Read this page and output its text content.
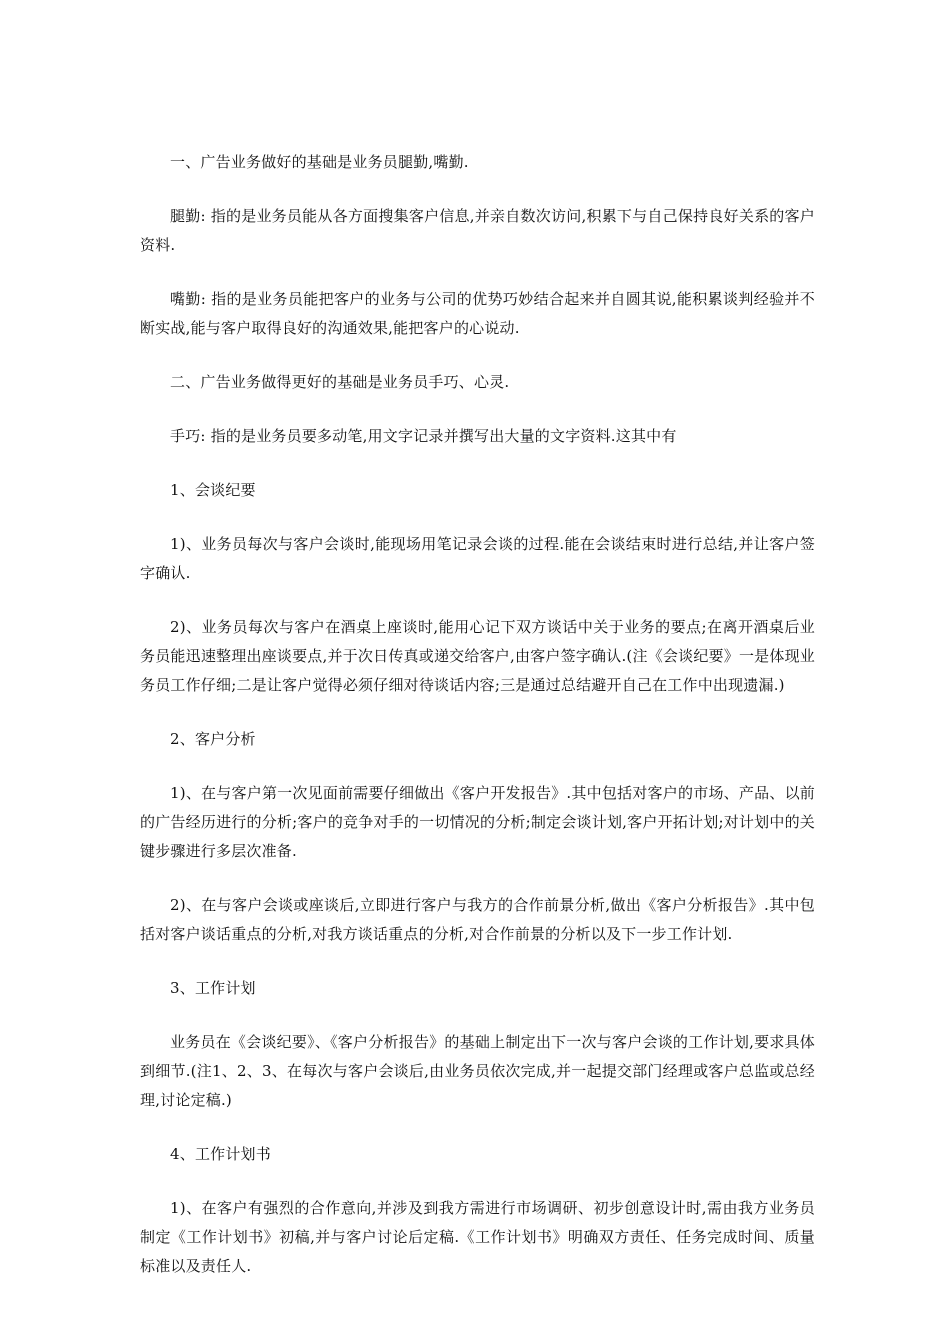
一、广告业务做好的基础是业务员腿勤,嘴勤.

腿勤: 指的是业务员能从各方面搜集客户信息,并亲自数次访问,积累下与自己保持良好关系的客户资料.

嘴勤: 指的是业务员能把客户的业务与公司的优势巧妙结合起来并自圆其说,能积累谈判经验并不断实战,能与客户取得良好的沟通效果,能把客户的心说动.

二、广告业务做得更好的基础是业务员手巧、心灵.

手巧: 指的是业务员要多动笔,用文字记录并撰写出大量的文字资料.这其中有

1、会谈纪要

1)、业务员每次与客户会谈时,能现场用笔记录会谈的过程.能在会谈结束时进行总结,并让客户签字确认.

2)、业务员每次与客户在酒桌上座谈时,能用心记下双方谈话中关于业务的要点;在离开酒桌后业务员能迅速整理出座谈要点,并于次日传真或递交给客户,由客户签字确认.(注《会谈纪要》一是体现业务员工作仔细;二是让客户觉得必须仔细对待谈话内容;三是通过总结避开自己在工作中出现遗漏.)

2、客户分析

1)、在与客户第一次见面前需要仔细做出《客户开发报告》.其中包括对客户的市场、产品、以前的广告经历进行的分析;客户的竞争对手的一切情况的分析;制定会谈计划,客户开拓计划;对计划中的关键步骤进行多层次准备.

2)、在与客户会谈或座谈后,立即进行客户与我方的合作前景分析,做出《客户分析报告》.其中包括对客户谈话重点的分析,对我方谈话重点的分析,对合作前景的分析以及下一步工作计划.

3、工作计划

业务员在《会谈纪要》、《客户分析报告》的基础上制定出下一次与客户会谈的工作计划,要求具体到细节.(注1、2、3、在每次与客户会谈后,由业务员依次完成,并一起提交部门经理或客户总监或总经理,讨论定稿.)

4、工作计划书

1)、在客户有强烈的合作意向,并涉及到我方需进行市场调研、初步创意设计时,需由我方业务员制定《工作计划书》初稿,并与客户讨论后定稿.《工作计划书》明确双方责任、任务完成时间、质量标准以及责任人.
